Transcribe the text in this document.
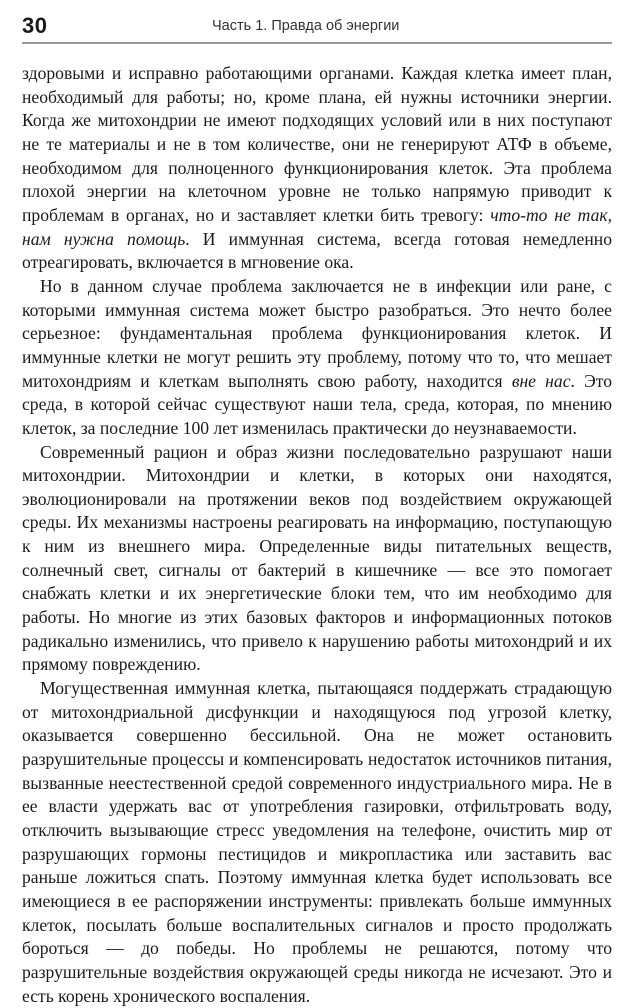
30	Часть 1. Правда об энергии

здоровыми и исправно работающими органами. Каждая клетка имеет план, необходимый для работы; но, кроме плана, ей нужны источники энергии. Когда же митохондрии не имеют подходящих условий или в них поступают не те материалы и не в том количестве, они не генерируют АТФ в объеме, необходимом для полноценного функционирования клеток. Эта проблема плохой энергии на клеточном уровне не только напрямую приводит к проблемам в органах, но и заставляет клетки бить тревогу: что-то не так, нам нужна помощь. И иммунная система, всегда готовая немедленно отреагировать, включается в мгновение ока.

Но в данном случае проблема заключается не в инфекции или ране, с которыми иммунная система может быстро разобраться. Это нечто более серьезное: фундаментальная проблема функционирования клеток. И иммунные клетки не могут решить эту проблему, потому что то, что мешает митохондриям и клеткам выполнять свою работу, находится вне нас. Это среда, в которой сейчас существуют наши тела, среда, которая, по мнению клеток, за последние 100 лет изменилась практически до неузнаваемости.

Современный рацион и образ жизни последовательно разрушают наши митохондрии. Митохондрии и клетки, в которых они находятся, эволюционировали на протяжении веков под воздействием окружающей среды. Их механизмы настроены реагировать на информацию, поступающую к ним из внешнего мира. Определенные виды питательных веществ, солнечный свет, сигналы от бактерий в кишечнике — все это помогает снабжать клетки и их энергетические блоки тем, что им необходимо для работы. Но многие из этих базовых факторов и информационных потоков радикально изменились, что привело к нарушению работы митохондрий и их прямому повреждению.

Могущественная иммунная клетка, пытающаяся поддержать страдающую от митохондриальной дисфункции и находящуюся под угрозой клетку, оказывается совершенно бессильной. Она не может остановить разрушительные процессы и компенсировать недостаток источников питания, вызванные неестественной средой современного индустриального мира. Не в ее власти удержать вас от употребления газировки, отфильтровать воду, отключить вызывающие стресс уведомления на телефоне, очистить мир от разрушающих гормоны пестицидов и микропластика или заставить вас раньше ложиться спать. Поэтому иммунная клетка будет использовать все имеющиеся в ее распоряжении инструменты: привлекать больше иммунных клеток, посылать больше воспалительных сигналов и просто продолжать бороться — до победы. Но проблемы не решаются, потому что разрушительные воздействия окружающей среды никогда не исчезают. Это и есть корень хронического воспаления.
